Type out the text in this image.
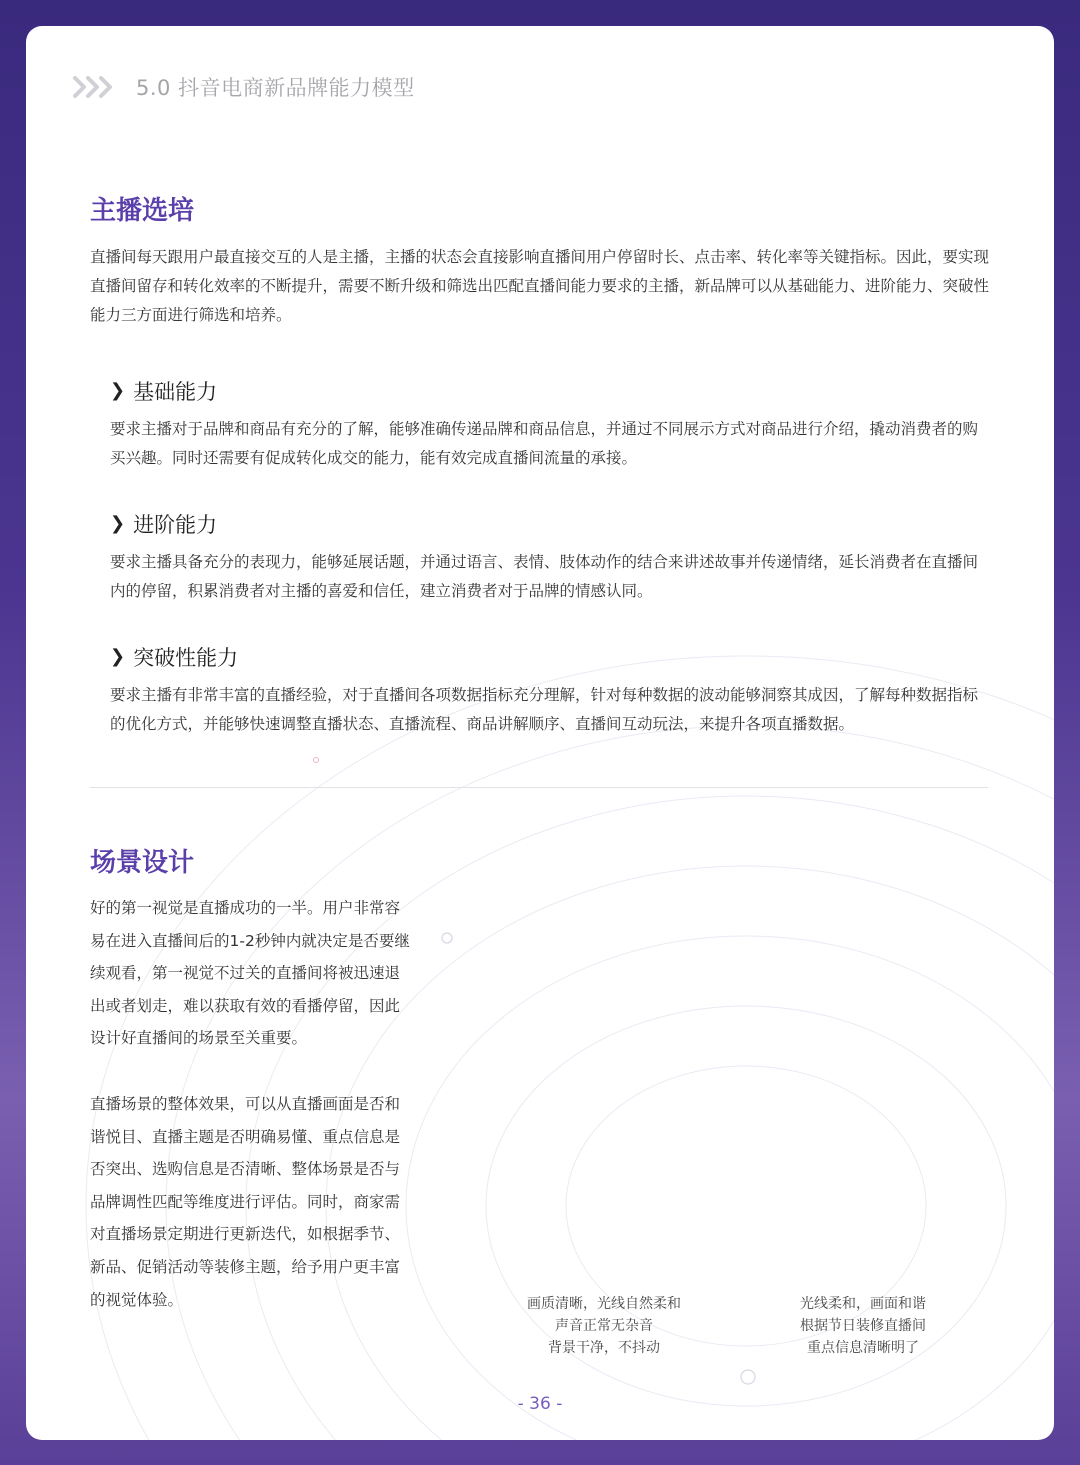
5.0 抖音电商新品牌能力模型
主播选培

直播间每天跟用户最直接交互的人是主播，主播的状态会直接影响直播间用户停留时长、点击率、转化率等关键指标。因此，要实现直播间留存和转化效率的不断提升，需要不断升级和筛选出匹配直播间能力要求的主播，新品牌可以从基础能力、进阶能力、突破性能力三方面进行筛选和培养。

❯ 基础能力

要求主播对于品牌和商品有充分的了解，能够准确传递品牌和商品信息，并通过不同展示方式对商品进行介绍，撬动消费者的购买兴趣。同时还需要有促成转化成交的能力，能有效完成直播间流量的承接。

❯ 进阶能力

要求主播具备充分的表现力，能够延展话题，并通过语言、表情、肢体动作的结合来讲述故事并传递情绪，延长消费者在直播间内的停留，积累消费者对主播的喜爱和信任，建立消费者对于品牌的情感认同。

❯ 突破性能力

要求主播有非常丰富的直播经验，对于直播间各项数据指标充分理解，针对每种数据的波动能够洞察其成因，了解每种数据指标的优化方式，并能够快速调整直播状态、直播流程、商品讲解顺序、直播间互动玩法，来提升各项直播数据。

场景设计

好的第一视觉是直播成功的一半。用户非常容易在进入直播间后的1-2秒钟内就决定是否要继续观看，第一视觉不过关的直播间将被迅速退出或者划走，难以获取有效的看播停留，因此设计好直播间的场景至关重要。

直播场景的整体效果，可以从直播画面是否和谐悦目、直播主题是否明确易懂、重点信息是否突出、选购信息是否清晰、整体场景是否与品牌调性匹配等维度进行评估。同时，商家需对直播场景定期进行更新迭代，如根据季节、新品、促销活动等装修主题，给予用户更丰富的视觉体验。	画质清晰，光线自然柔和
声音正常无杂音
背景干净，不抖动
光线柔和，画面和谐
根据节日装修直播间
重点信息清晰明了
- 36 -
